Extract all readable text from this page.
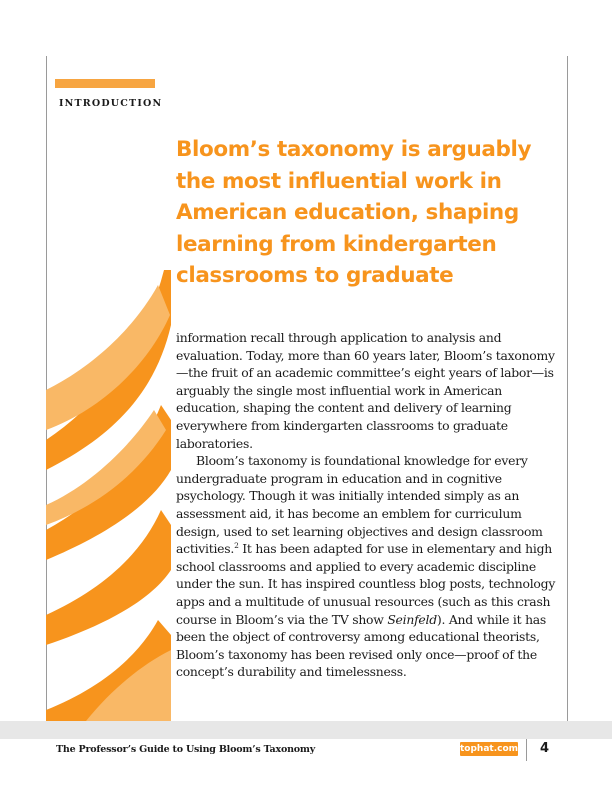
INTRODUCTION
Bloom’s taxonomy is arguably the most influential work in American education, shaping learning from kindergarten classrooms to graduate

information recall through application to analysis and evaluation. Today, more than 60 years later, Bloom’s taxonomy—the fruit of an academic committee’s eight years of labor—is arguably the single most influential work in American education, shaping the content and delivery of learning everywhere from kindergarten classrooms to graduate laboratories.

Bloom’s taxonomy is foundational knowledge for every undergraduate program in education and in cognitive psychology. Though it was initially intended simply as an assessment aid, it has become an emblem for curriculum design, used to set learning objectives and design classroom activities.$^2$ It has been adapted for use in elementary and high school classrooms and applied to every academic discipline under the sun. It has inspired countless blog posts, technology apps and a multitude of unusual resources (such as this crash course in Bloom’s via the TV show Seinfeld). And while it has been the object of controversy among educational theorists, Bloom’s taxonomy has been revised only once—proof of the concept’s durability and timelessness.

The Professor’s Guide to Using Bloom’s Taxonomy	tophat.com 4
